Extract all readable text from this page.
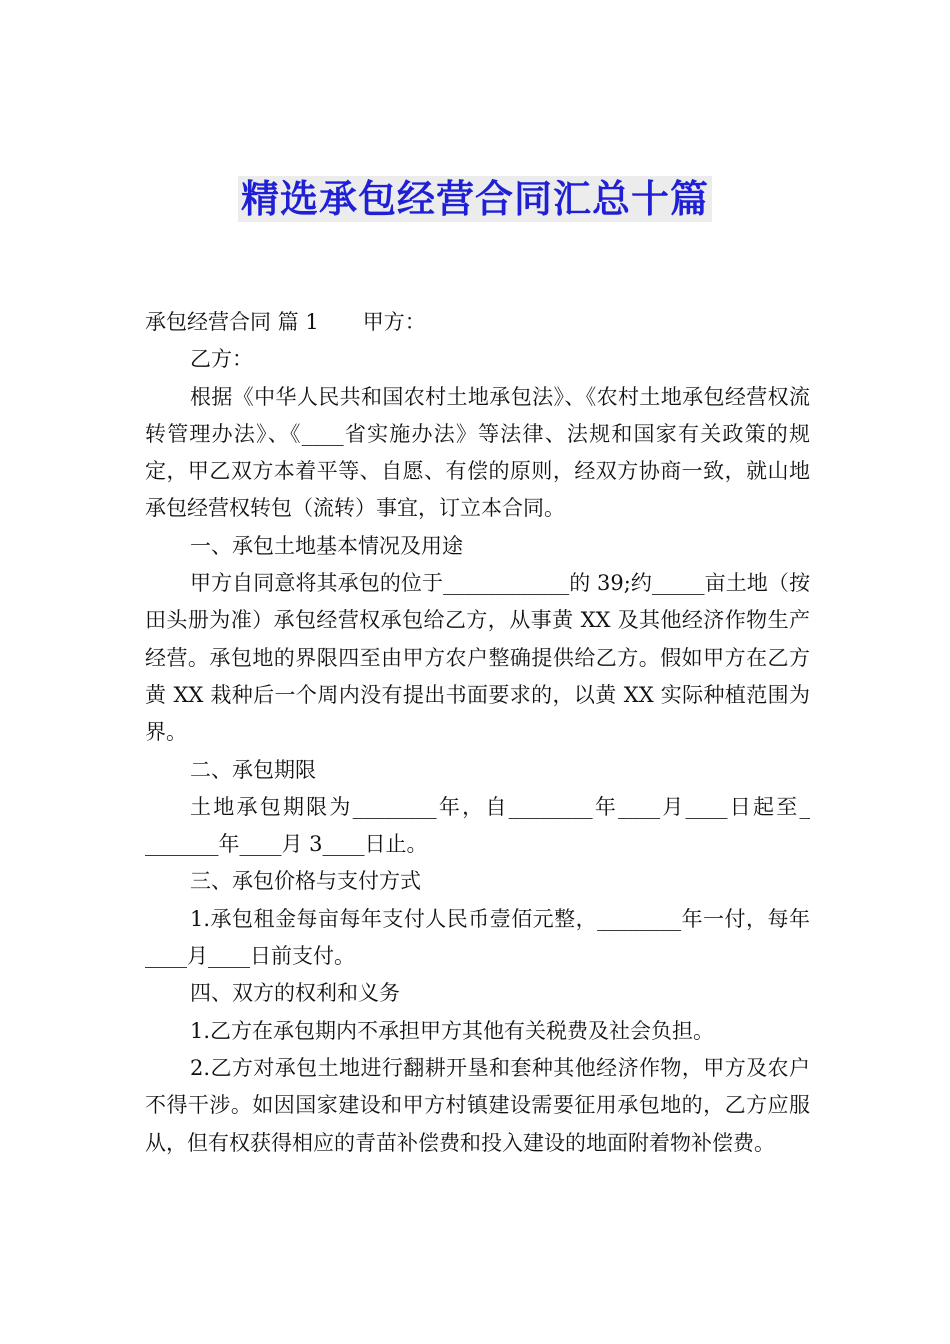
精选承包经营合同汇总十篇

承包经营合同 篇 1 甲方：

乙方：

根据《中华人民共和国农村土地承包法》、《农村土地承包经营权流转管理办法》、《____省实施办法》等法律、法规和国家有关政策的规定，甲乙双方本着平等、自愿、有偿的原则，经双方协商一致，就山地承包经营权转包（流转）事宜，订立本合同。

一、承包土地基本情况及用途

甲方自同意将其承包的位于____________的 39;约_____亩土地（按田头册为准）承包经营权承包给乙方，从事黄 XX 及其他经济作物生产经营。承包地的界限四至由甲方农户整确提供给乙方。假如甲方在乙方黄 XX 栽种后一个周内没有提出书面要求的，以黄 XX 实际种植范围为界。

二、承包期限

土地承包期限为________年，自________年____月____日起至_ _______年____月 3____日止。

三、承包价格与支付方式

1.承包租金每亩每年支付人民币壹佰元整，________年一付，每年____月____日前支付。

四、双方的权利和义务

1.乙方在承包期内不承担甲方其他有关税费及社会负担。

2.乙方对承包土地进行翻耕开垦和套种其他经济作物，甲方及农户不得干涉。如因国家建设和甲方村镇建设需要征用承包地的，乙方应服从，但有权获得相应的青苗补偿费和投入建设的地面附着物补偿费。
